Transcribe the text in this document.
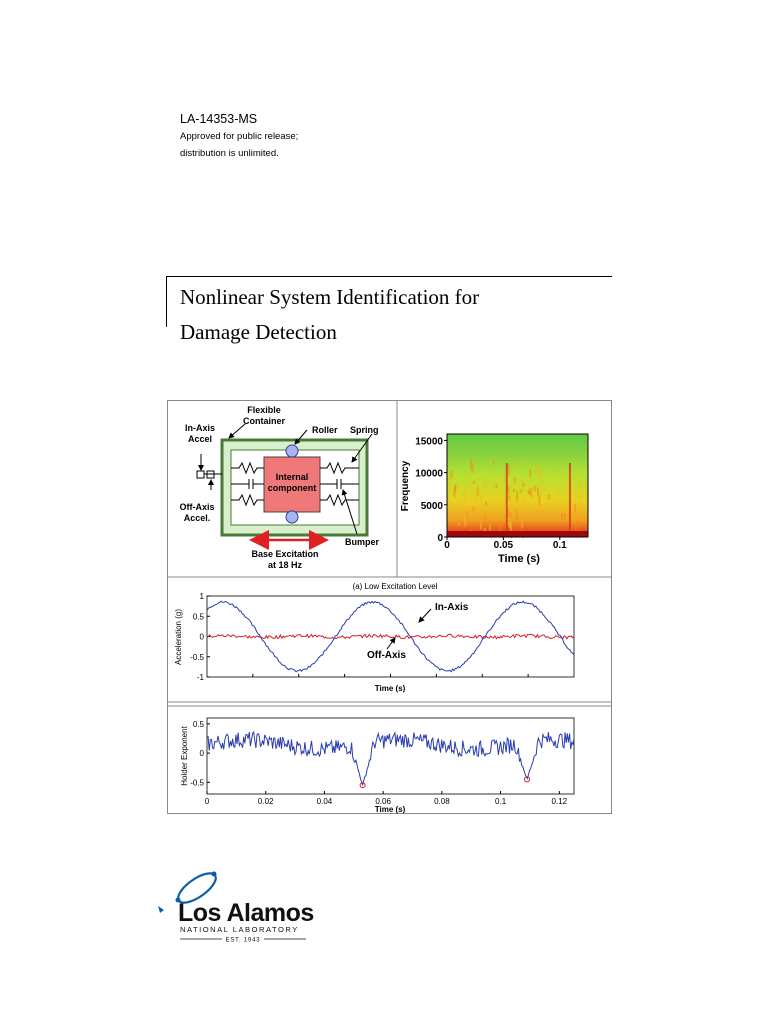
LA-14353-MS
Approved for public release;
distribution is unlimited.
Nonlinear System Identification for
Damage Detection
Flexible Container
In-Axis Accel
Roller Spring
Internal component
Off-Axis Accel.
Bumper
Base Excitation at 18 Hz
0
5000
10000
15000
0	0.05	0.1
Frequency
Time (s)
(a) Low Excitation Level
-1
-0.5
0
0.5
1
In-Axis
Off-Axis
Acceleration (g)
Time (s)
-0.5
0
0.5
0	0.02	0.04	0.06	0.08	0.1	0.12
Holder Exponent
Time (s)
Los Alamos
NATIONAL LABORATORY
EST. 1943
